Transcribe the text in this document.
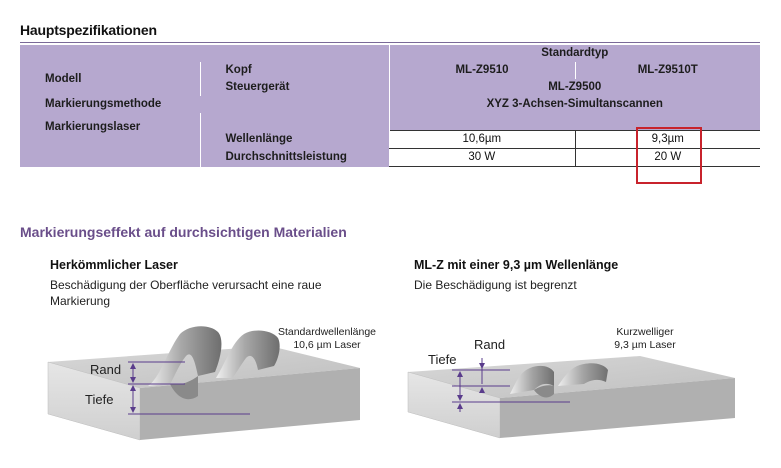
Hauptspezifikationen
		Standardtyp	
Modell	Kopf	ML-Z9510	ML-Z9510T
	Steuergerät	ML-Z9500	
Markierungsmethode		XYZ 3-Achsen-Simultanscannen	
Markierungslaser			
	Wellenlänge	10,6µm	9,3µm
	Durchschnittsleistung	30 W	20 W
Markierungseffekt auf durchsichtigen Materialien
Herkömmlicher Laser
Beschädigung der Oberfläche verursacht eine raue Markierung
Standardwellenlänge
10,6 µm Laser
ML-Z mit einer 9,3 µm Wellenlänge
Die Beschädigung ist begrenzt
Kurzwelliger
9,3 µm Laser
Rand
Tiefe
Rand
Tiefe
